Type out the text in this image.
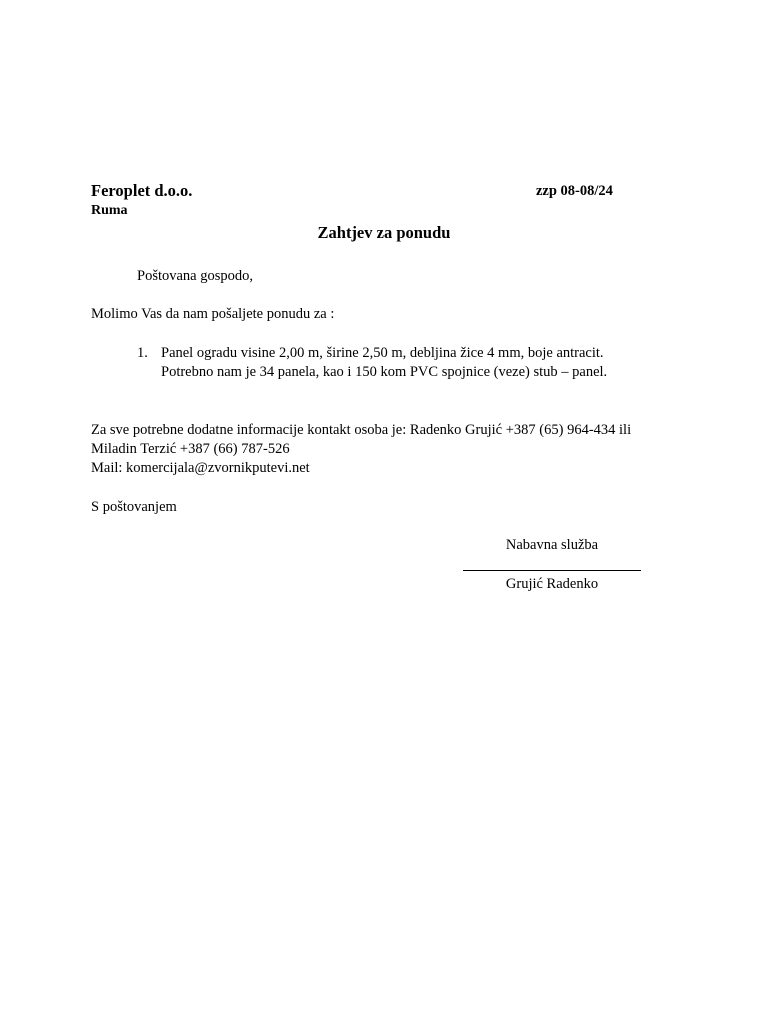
Feroplet d.o.o.	zzp 08-08/24
Ruma
Zahtjev za ponudu
Poštovana gospodo,
Molimo Vas da nam pošaljete ponudu za :
1. Panel ogradu visine 2,00 m, širine 2,50 m, debljina žice 4 mm, boje antracit.
Potrebno nam je 34 panela, kao i 150 kom PVC spojnice (veze) stub – panel.
Za sve potrebne dodatne informacije kontakt osoba je: Radenko Grujić +387 (65) 964-434 ili
Miladin Terzić +387 (66) 787-526
Mail: komercijala@zvornikputevi.net
S poštovanjem
Nabavna služba
Grujić Radenko
